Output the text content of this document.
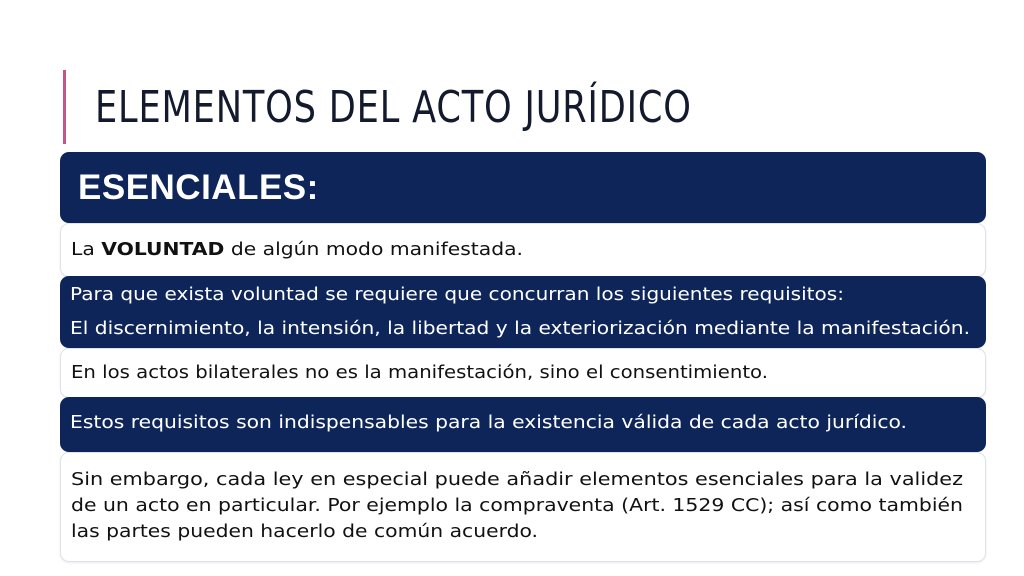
ELEMENTOS DEL ACTO JURÍDICO
ESENCIALES:
La VOLUNTAD de algún modo manifestada.
Para que exista voluntad se requiere que concurran los siguientes requisitos:
El discernimiento, la intensión, la libertad y la exteriorización mediante la manifestación.
En los actos bilaterales no es la manifestación, sino el consentimiento.
Estos requisitos son indispensables para la existencia válida de cada acto jurídico.
Sin embargo, cada ley en especial puede añadir elementos esenciales para la validez
de un acto en particular. Por ejemplo la compraventa (Art. 1529 CC); así como también
las partes pueden hacerlo de común acuerdo.
